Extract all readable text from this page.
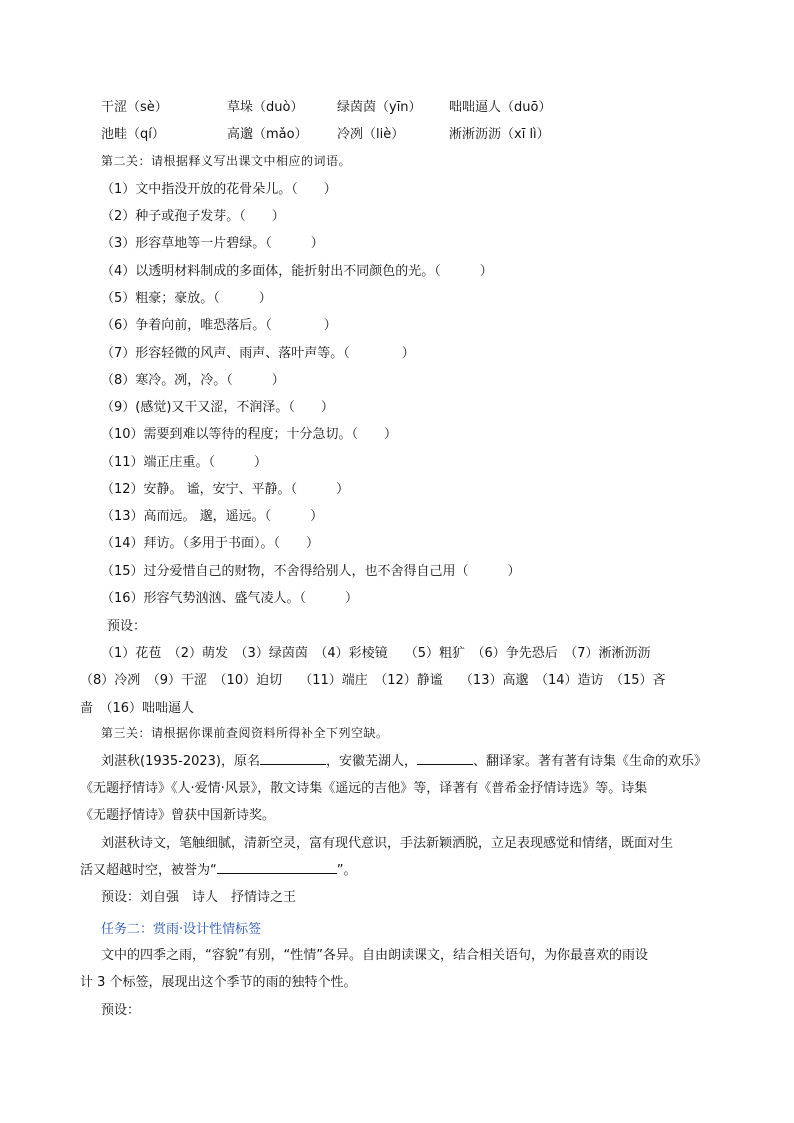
干涩（sè）	草垛（duò）	绿茵茵（yīn） 咄咄逼人（duō）
池畦（qí）	高邈（mǎo） 冷冽（liè）	淅淅沥沥（xī lì）
第二关：请根据释义写出课文中相应的词语。
（1）文中指没开放的花骨朵儿。（　　）
（2）种子或孢子发芽。（　　）
（3）形容草地等一片碧绿。（　　　）
（4）以透明材料制成的多面体，能折射出不同颜色的光。（　　　）
（5）粗豪；豪放。（　　　）
（6）争着向前，唯恐落后。（　　　　）
（7）形容轻微的风声、雨声、落叶声等。（　　　　）
（8）寒冷。冽，冷。（　　　）
（9）(感觉)又干又涩，不润泽。（　　）
（10）需要到难以等待的程度；十分急切。（　　）
（11）端正庄重。（　　　）
（12）安静。 谧，安宁、平静。（　　　）
（13）高而远。 邈，遥远。（　　　）
（14）拜访。（多用于书面）。（　　）
（15）过分爱惜自己的财物，不舍得给别人，也不舍得自己用（　　　）
（16）形容气势汹汹、盛气凌人。（　　　）
预设：
（1）花苞　（2）萌发　（3）绿茵茵　（4）彩棱镜　 （5）粗犷　（6）争先恐后　（7）淅淅沥沥
（8）冷冽　（9）干涩　（10）迫切　 （11）端庄　（12）静谧　 （13）高邈　（14）造访　（15）吝
啬　（16）咄咄逼人
第三关：请根据你课前查阅资料所得补全下列空缺。
刘湛秋(1935-2023)，原名	，安徽芜湖人，	、翻译家。著有著有诗集《生命的欢乐》
《无题抒情诗》《人·爱情·风景》，散文诗集《遥远的吉他》等，译著有《普希金抒情诗选》等。诗集
《无题抒情诗》曾获中国新诗奖。
刘湛秋诗文，笔触细腻，清新空灵，富有现代意识，手法新颖洒脱，立足表现感觉和情绪，既面对生
活又超越时空，被誉为“	”。
预设：刘自强　诗人　抒情诗之王
任务二：赏雨·设计性情标签
文中的四季之雨，“容貌”有别，“性情”各异。自由朗读课文，结合相关语句，为你最喜欢的雨设
计 3 个标签，展现出这个季节的雨的独特个性。
预设：
